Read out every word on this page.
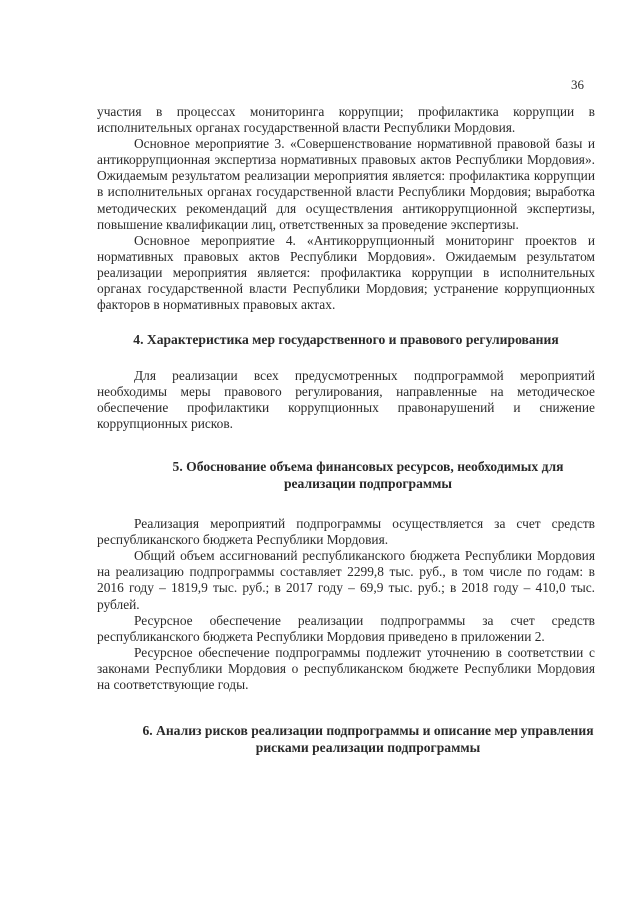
36

участия в процессах мониторинга коррупции; профилактика коррупции в исполнительных органах государственной власти Республики Мордовия.

Основное мероприятие 3. «Совершенствование нормативной правовой базы и антикоррупционная экспертиза нормативных правовых актов Республики Мордовия». Ожидаемым результатом реализации мероприятия является: профилактика коррупции в исполнительных органах государственной власти Республики Мордовия; выработка методических рекомендаций для осуществления антикоррупционной экспертизы, повышение квалификации лиц, ответственных за проведение экспертизы.

Основное мероприятие 4. «Антикоррупционный мониторинг проектов и нормативных правовых актов Республики Мордовия». Ожидаемым результатом реализации мероприятия является: профилактика коррупции в исполнительных органах государственной власти Республики Мордовия; устранение коррупционных факторов в нормативных правовых актах.

4. Характеристика мер государственного и правового регулирования

Для реализации всех предусмотренных подпрограммой мероприятий необходимы меры правового регулирования, направленные на методическое обеспечение профилактики коррупционных правонарушений и снижение коррупционных рисков.

5. Обоснование объема финансовых ресурсов, необходимых для реализации подпрограммы

Реализация мероприятий подпрограммы осуществляется за счет средств республиканского бюджета Республики Мордовия.

Общий объем ассигнований республиканского бюджета Республики Мордовия на реализацию подпрограммы составляет 2299,8 тыс. руб., в том числе по годам: в 2016 году – 1819,9 тыс. руб.; в 2017 году – 69,9 тыс. руб.; в 2018 году – 410,0 тыс. рублей.

Ресурсное обеспечение реализации подпрограммы за счет средств республиканского бюджета Республики Мордовия приведено в приложении 2.

Ресурсное обеспечение подпрограммы подлежит уточнению в соответствии с законами Республики Мордовия о республиканском бюджете Республики Мордовия на соответствующие годы.

6. Анализ рисков реализации подпрограммы и описание мер управления рисками реализации подпрограммы
